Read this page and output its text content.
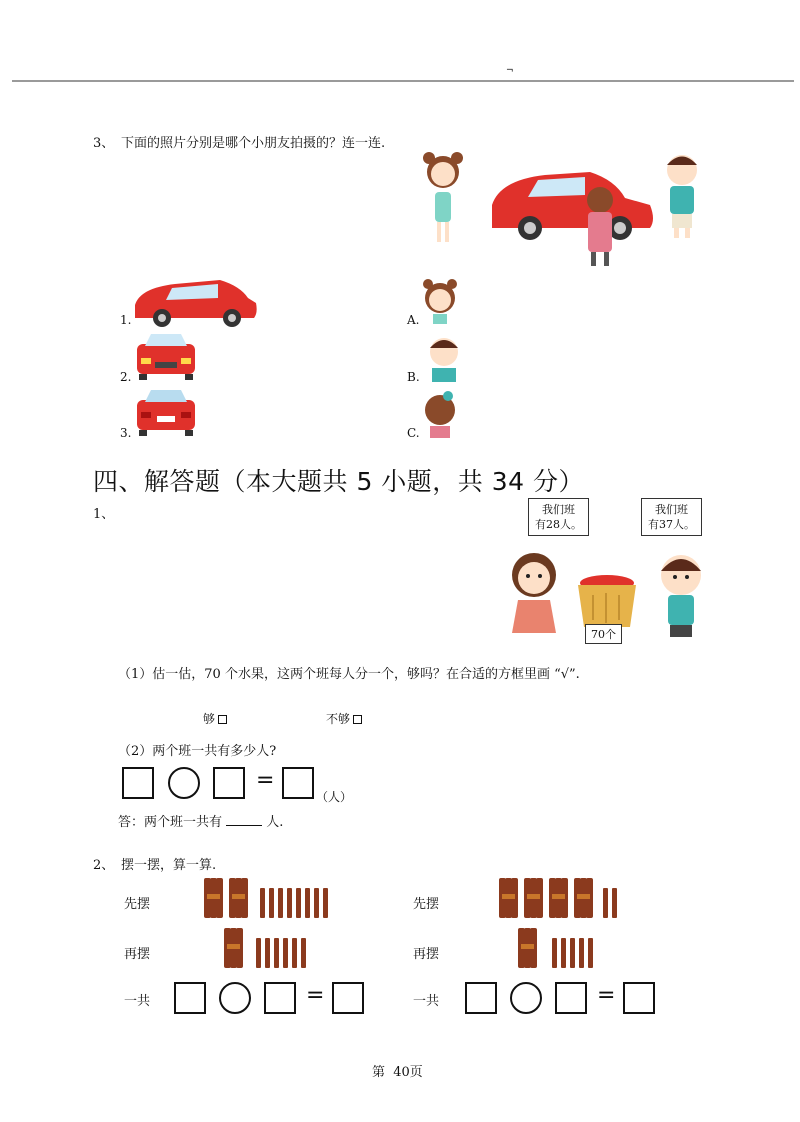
¬
3、 下面的照片分别是哪个小朋友拍摄的？连一连.
1.
2.
3.
A.
B.
C.
四、解答题（本大题共 5 小题，共 34 分）
1、	我们班
有28人。
我们班
有37人。
70个
（1）估一估，70 个水果，这两个班每人分一个，够吗？在合适的方框里画 “√”.
够	不够
（2）两个班一共有多少人?
=
（人）
答：两个班一共有	人.
2、 摆一摆，算一算.
先摆
再摆
一共	=
先摆
再摆
一共	=
第  40页
